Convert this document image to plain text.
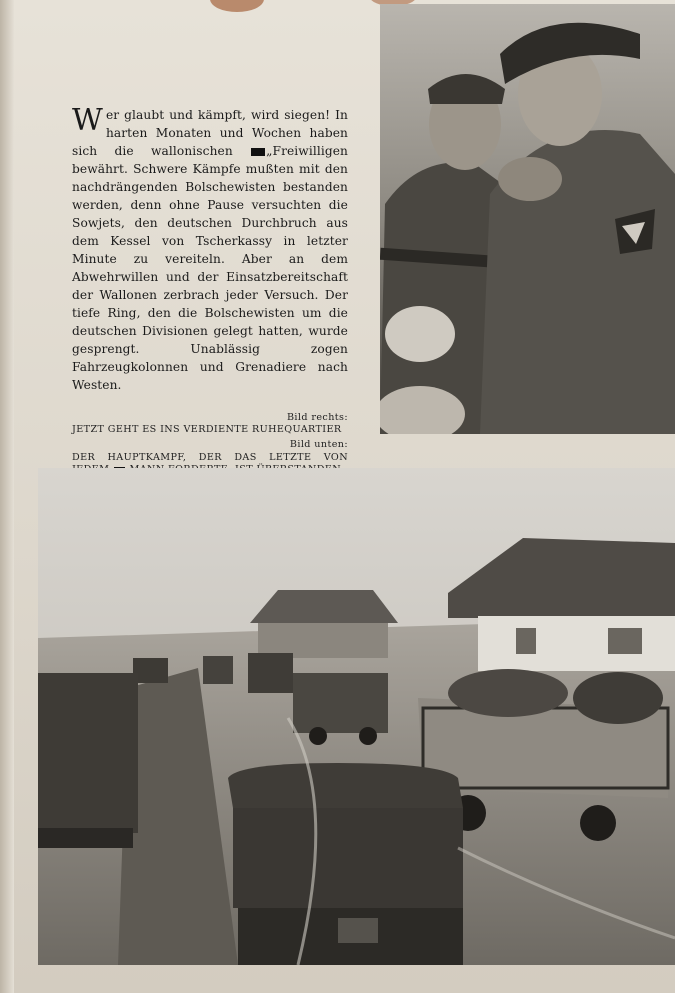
Wer glaubt und kämpft, wird siegen! In harten Monaten und Wochen haben sich die wallonischen	„Freiwilligen bewährt. Schwere Kämpfe mußten mit den nachdrängenden Bolschewisten bestanden werden, denn ohne Pause versuchten die Sowjets, den deutschen Durchbruch aus dem Kessel von Tscherkassy in letzter Minute zu vereiteln. Aber an dem Abwehrwillen und der Einsatzbereitschaft der Wallonen zerbrach jeder Versuch. Der tiefe Ring, den die Bolschewisten um die deutschen Divisionen gelegt hatten, wurde gesprengt. Unablässig zogen Fahrzeugkolonnen und Grenadiere nach Westen.

Bild rechts:
JETZT GEHT ES INS VERDIENTE RUHEQUARTIER
Bild unten:
DER HAUPTKAMPF, DER DAS LETZTE VON
